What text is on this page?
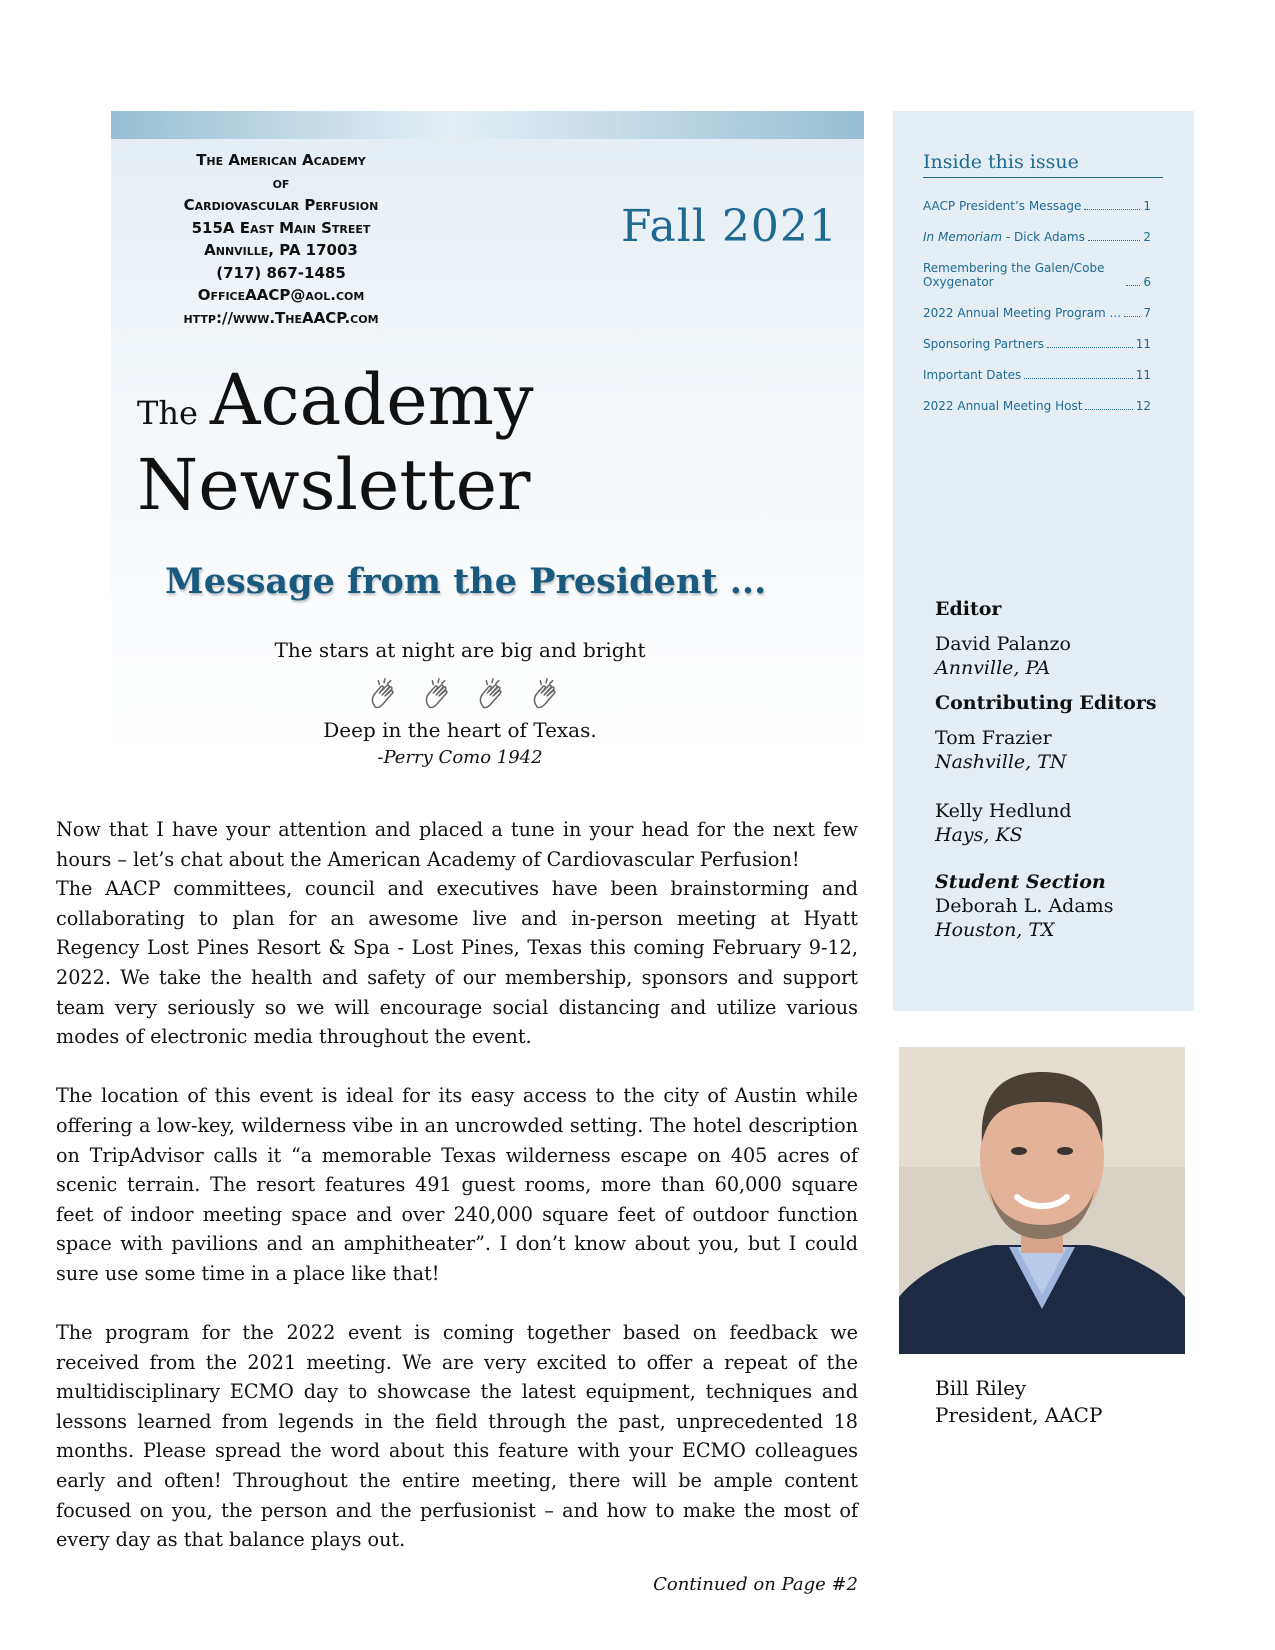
The American Academy
of
Cardiovascular Perfusion
515A East Main Street
Annville, PA 17003
(717) 867-1485
OfficeAACP@aol.com
http://www.TheAACP.com
Fall 2021
The Academy
Newsletter
Message from the President ...
The stars at night are big and bright
Deep in the heart of Texas.
-Perry Como 1942
Inside this issue
AACP President’s Message	1
In Memoriam - Dick Adams	2
Remembering the Galen/Cobe Oxygenator	6
2022 Annual Meeting Program ... 7
Sponsoring Partners	11
Important Dates	11
2022 Annual Meeting Host	12
Editor
David Palanzo
Annville, PA
Contributing Editors
Tom Frazier
Nashville, TN
Kelly Hedlund
Hays, KS
Student Section
Deborah L. Adams
Houston, TX
Bill Riley
President, AACP

Now that I have your attention and placed a tune in your head for the next few hours – let’s chat about the American Academy of Cardiovascular Perfusion!

The AACP committees, council and executives have been brainstorming and collaborating to plan for an awesome live and in-person meeting at Hyatt Regency Lost Pines Resort & Spa - Lost Pines, Texas this coming February 9-12, 2022. We take the health and safety of our membership, sponsors and support team very seriously so we will encourage social distancing and utilize various modes of electronic media throughout the event.

The location of this event is ideal for its easy access to the city of Austin while offering a low-key, wilderness vibe in an uncrowded setting. The hotel description on TripAdvisor calls it “a memorable Texas wilderness escape on 405 acres of scenic terrain. The resort features 491 guest rooms, more than 60,000 square feet of indoor meeting space and over 240,000 square feet of outdoor function space with pavilions and an amphitheater”. I don’t know about you, but I could sure use some time in a place like that!

The program for the 2022 event is coming together based on feedback we received from the 2021 meeting. We are very excited to offer a repeat of the multidisciplinary ECMO day to showcase the latest equipment, techniques and lessons learned from legends in the field through the past, unprecedented 18 months. Please spread the word about this feature with your ECMO colleagues early and often! Throughout the entire meeting, there will be ample content focused on you, the person and the perfusionist – and how to make the most of every day as that balance plays out.

Continued on Page #2
